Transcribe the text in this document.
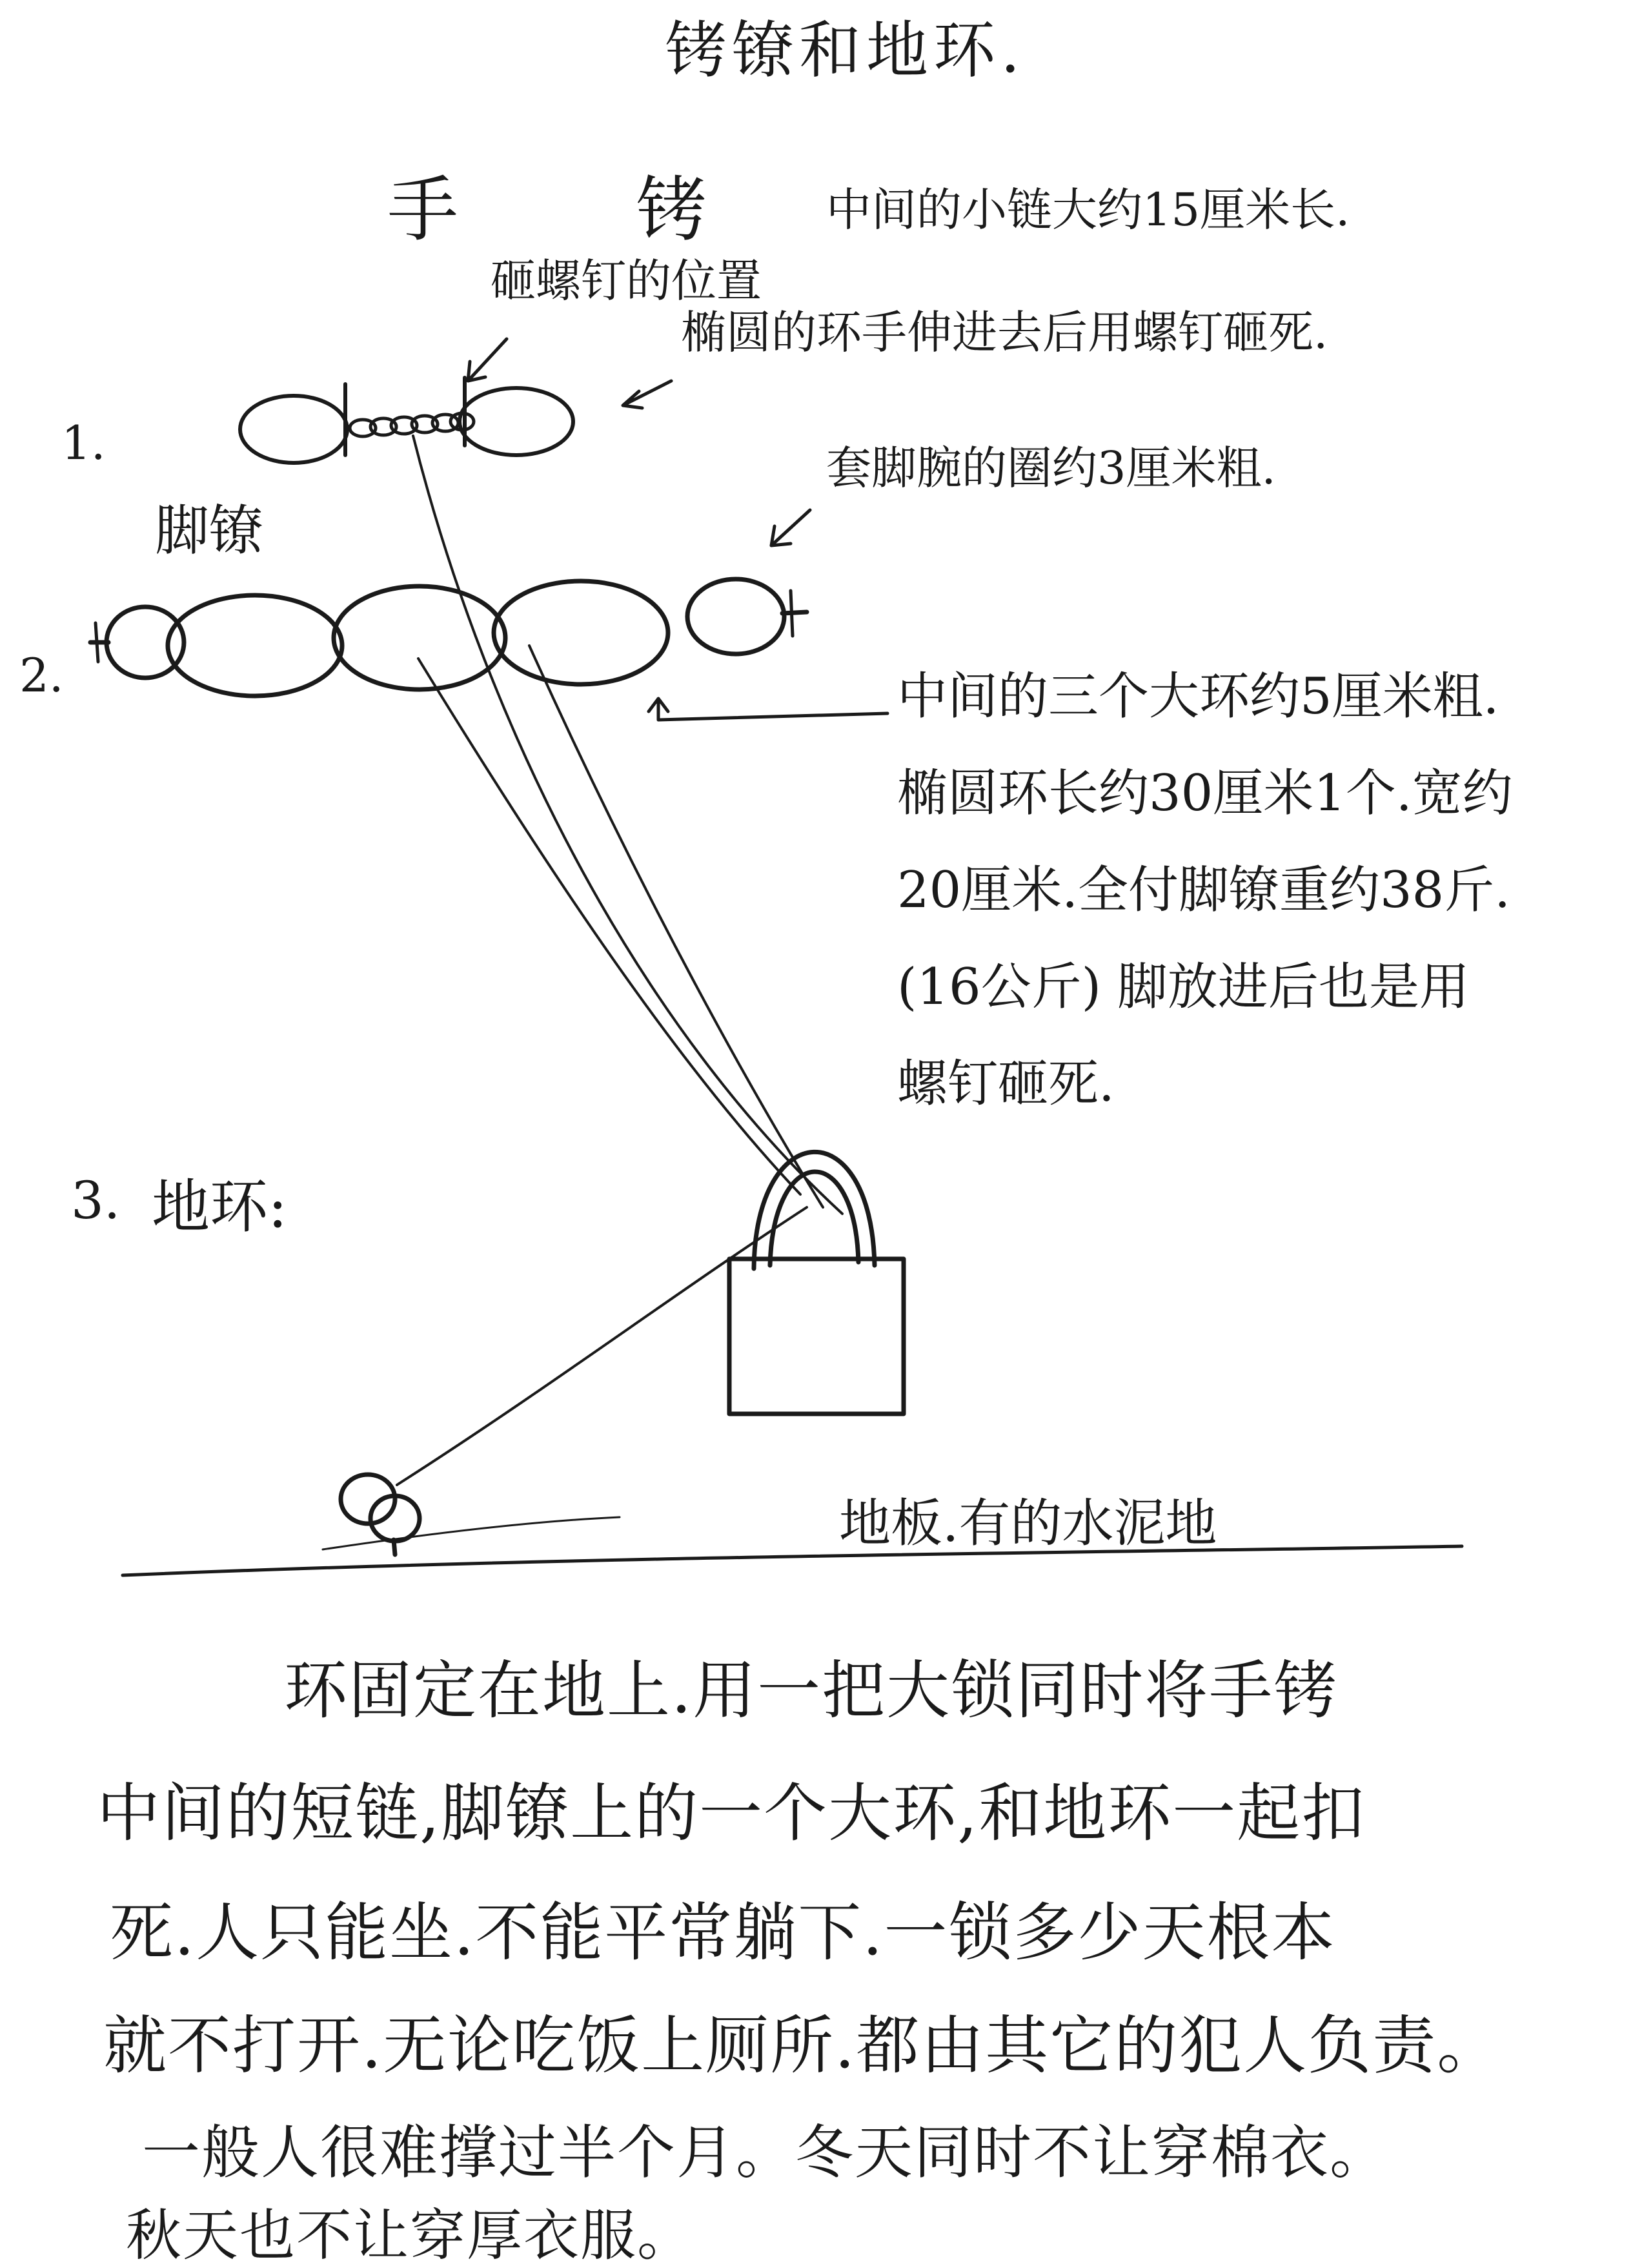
铐镣和地环.
1.
手 铐
砸螺钉的位置
中间的小链大约15厘米长.
椭圆的环手伸进去后用螺钉砸死.
套脚腕的圈约3厘米粗.
脚镣
2.	中间的三个大环约5厘米粗.
椭圆环长约30厘米1个.宽约
20厘米.全付脚镣重约38斤.
(16公斤) 脚放进后也是用
螺钉砸死.
3. 地环:
地板.有的水泥地
环固定在地上.用一把大锁同时将手铐
中间的短链,脚镣上的一个大环,和地环一起扣
死.人只能坐.不能平常躺下.一锁多少天根本
就不打开.无论吃饭上厕所.都由其它的犯人负责。
一般人很难撑过半个月。冬天同时不让穿棉衣。
秋天也不让穿厚衣服。
